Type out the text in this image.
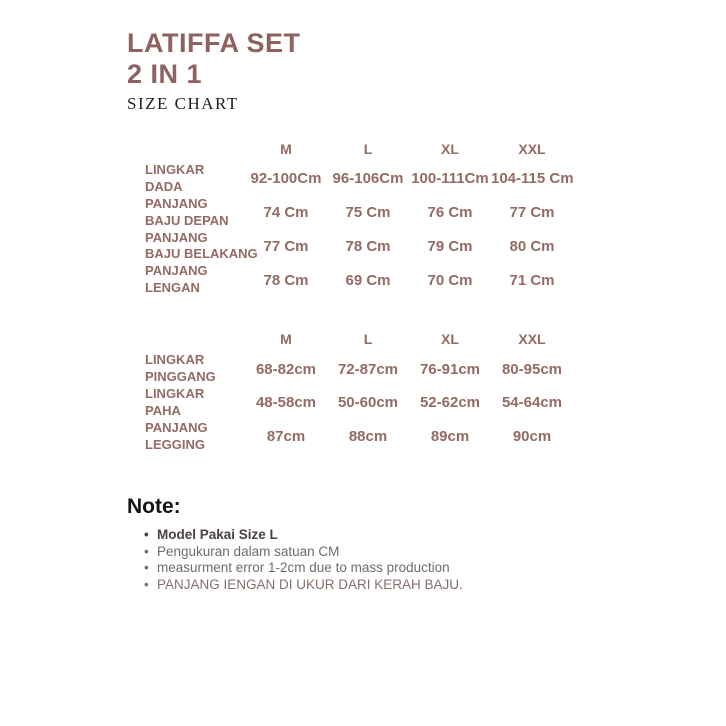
LATIFFA SET
2 IN 1
SIZE CHART
M	L	XL	XXL
LINGKAR
DADA	92-100Cm 96-106Cm 100-111Cm 104-115 Cm
PANJANG
BAJU DEPAN	74 Cm	75 Cm	76 Cm	77 Cm
PANJANG
BAJU BELAKANG 77 Cm	78 Cm	79 Cm	80 Cm
PANJANG
LENGAN	78 Cm	69 Cm	70 Cm	71 Cm
M	L	XL	XXL
LINGKAR
PINGGANG	68-82cm	72-87cm	76-91cm	80-95cm
LINGKAR
PAHA	48-58cm	50-60cm	52-62cm	54-64cm
PANJANG
LEGGING	87cm	88cm	89cm	90cm
Note:
• Model Pakai Size L
• Pengukuran dalam satuan CM
• measurment error 1-2cm due to mass production
• PANJANG IENGAN DI UKUR DARI KERAH BAJU.
